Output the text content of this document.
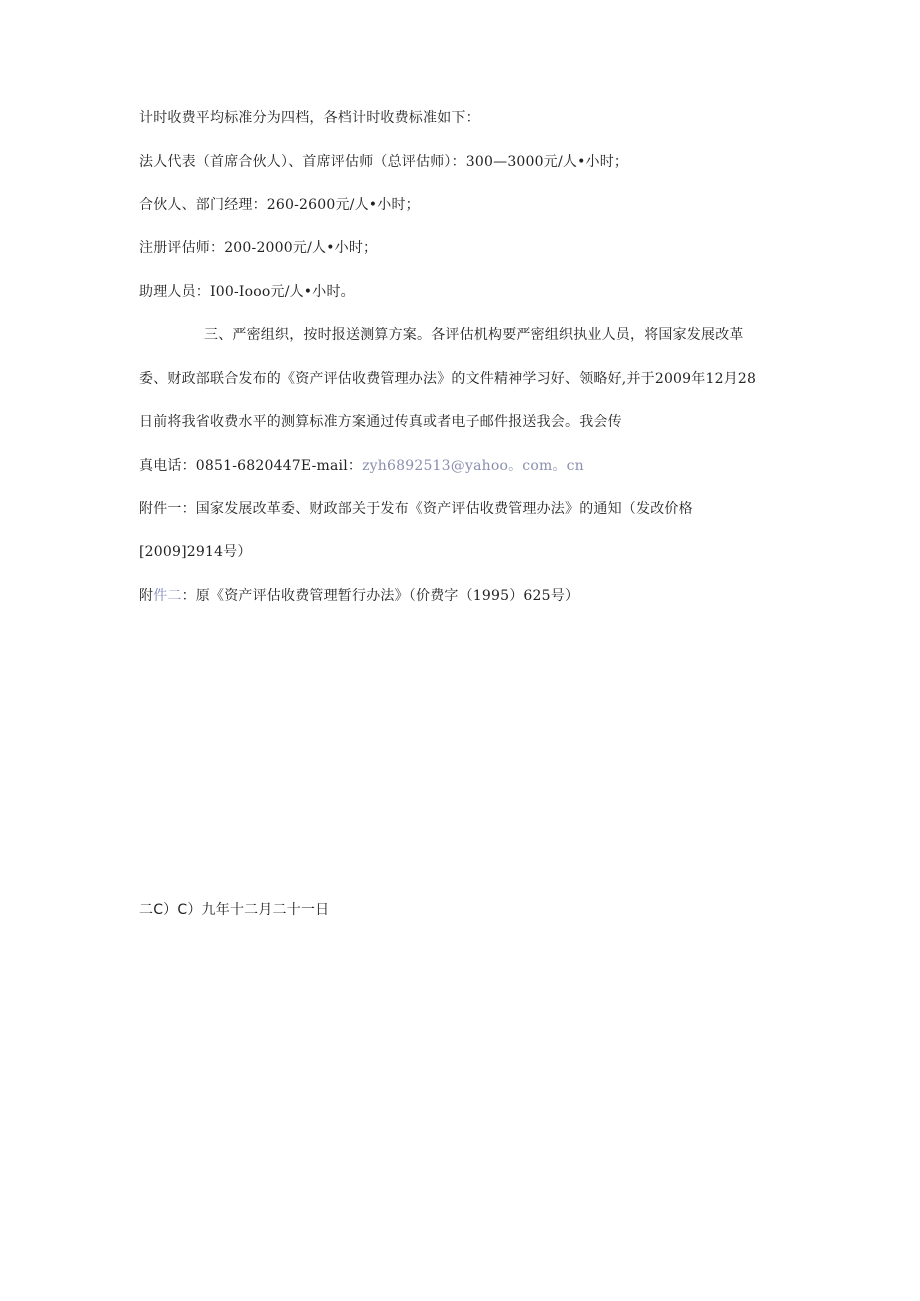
计时收费平均标准分为四档，各档计时收费标准如下：
法人代表（首席合伙人）、首席评估师（总评估师）：300—3000元/人•小时；
合伙人、部门经理：260-2600元/人•小时；
注册评估师：200-2000元/人•小时；
助理人员：I00-Iooo元/人•小时。
三、严密组织，按时报送测算方案。各评估机构要严密组织执业人员，将国家发展改革
委、财政部联合发布的《资产评估收费管理办法》的文件精神学习好、领略好,并于2009年12月28
日前将我省收费水平的测算标准方案通过传真或者电子邮件报送我会。我会传
真电话：0851-6820447E-mail：zyh6892513@yahoo。com。cn
附件一：国家发展改革委、财政部关于发布《资产评估收费管理办法》的通知（发改价格
[2009]2914号）
附件二：原《资产评估收费管理暂行办法》（价费字（1995）625号）
二C）C）九年十二月二十一日
